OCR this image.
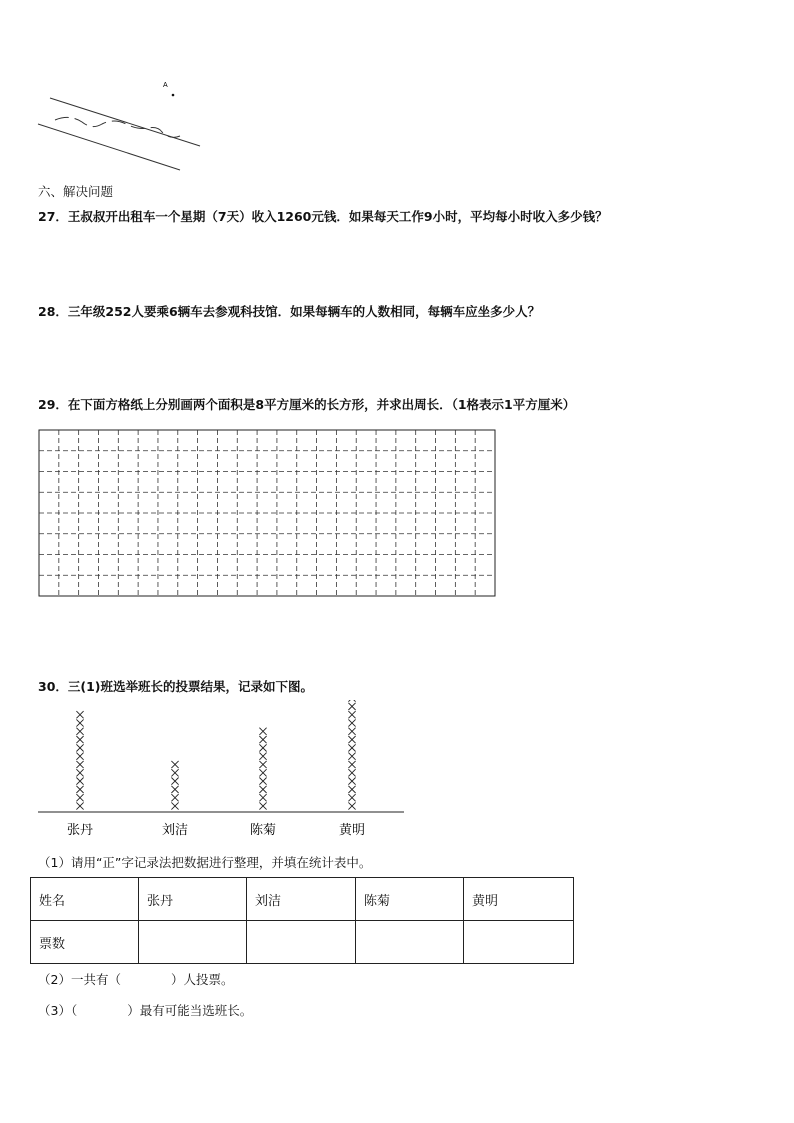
A
六、解决问题
27．王叔叔开出租车一个星期（7天）收入1260元钱．如果每天工作9小时，平均每小时收入多少钱？
28．三年级252人要乘6辆车去参观科技馆．如果每辆车的人数相同，每辆车应坐多少人？
29．在下面方格纸上分别画两个面积是8平方厘米的长方形，并求出周长．（1格表示1平方厘米）
30．三(1)班选举班长的投票结果，记录如下图。
张丹	刘洁	陈菊	黄明
（1）请用“正”字记录法把数据进行整理，并填在统计表中。
姓名	张丹	刘洁	陈菊	黄明
票数				
（2）一共有（　　　　）人投票。
（3）（　　　　）最有可能当选班长。
